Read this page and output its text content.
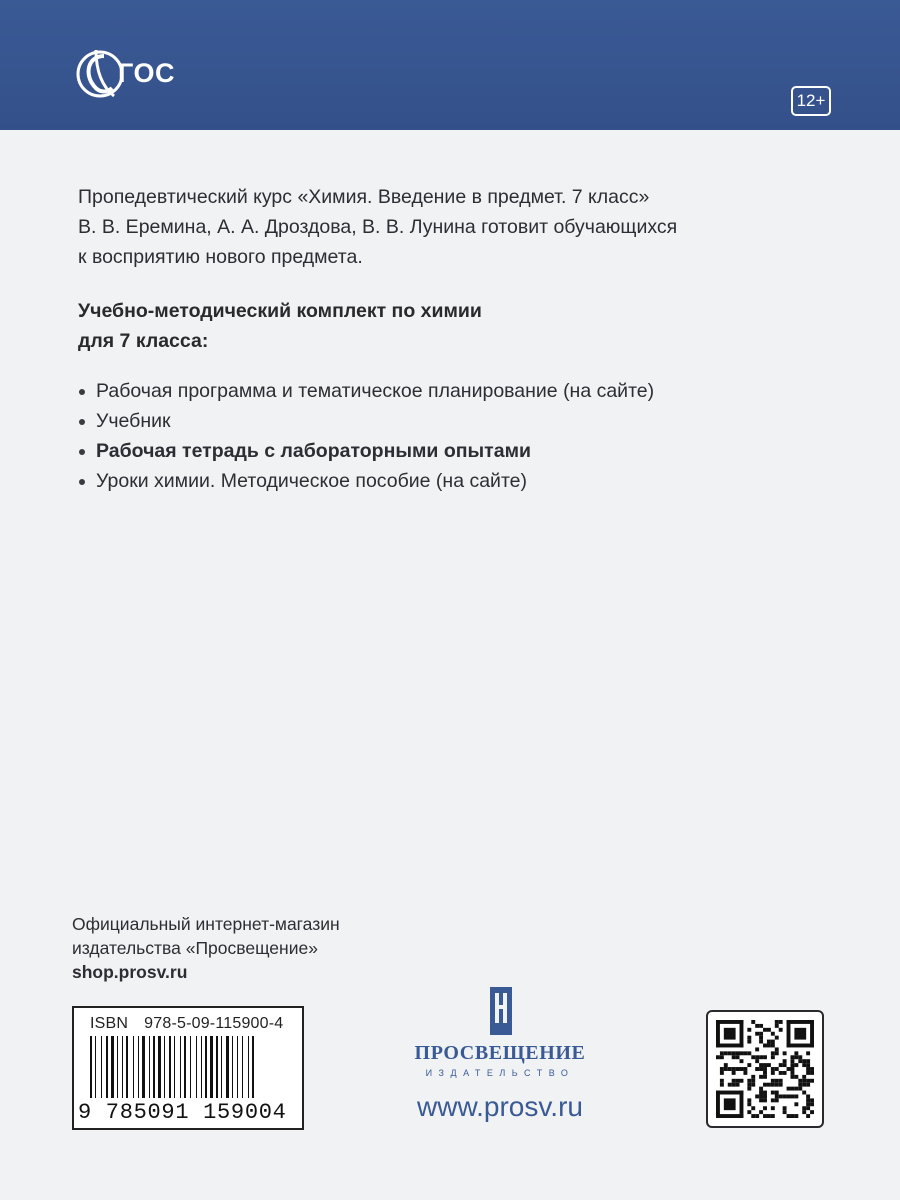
ГОС
12+

Пропедевтический курс «Химия. Введение в предмет. 7 класс»

В. В. Еремина, А. А. Дроздова, В. В. Лунина готовит обучающихся

к восприятию нового предмета.

Учебно-методический комплект по химии

для 7 класса:

Рабочая программа и тематическое планирование (на сайте)
Учебник
Рабочая тетрадь с лабораторными опытами
Уроки химии. Методическое пособие (на сайте)

Официальный интернет-магазин

издательства «Просвещение»

shop.prosv.ru

ISBN 978-5-09-115900-4
9 785091 159004
ПРОСВЕЩЕНИЕ
ИЗДАТЕЛЬСТВО
www.prosv.ru
